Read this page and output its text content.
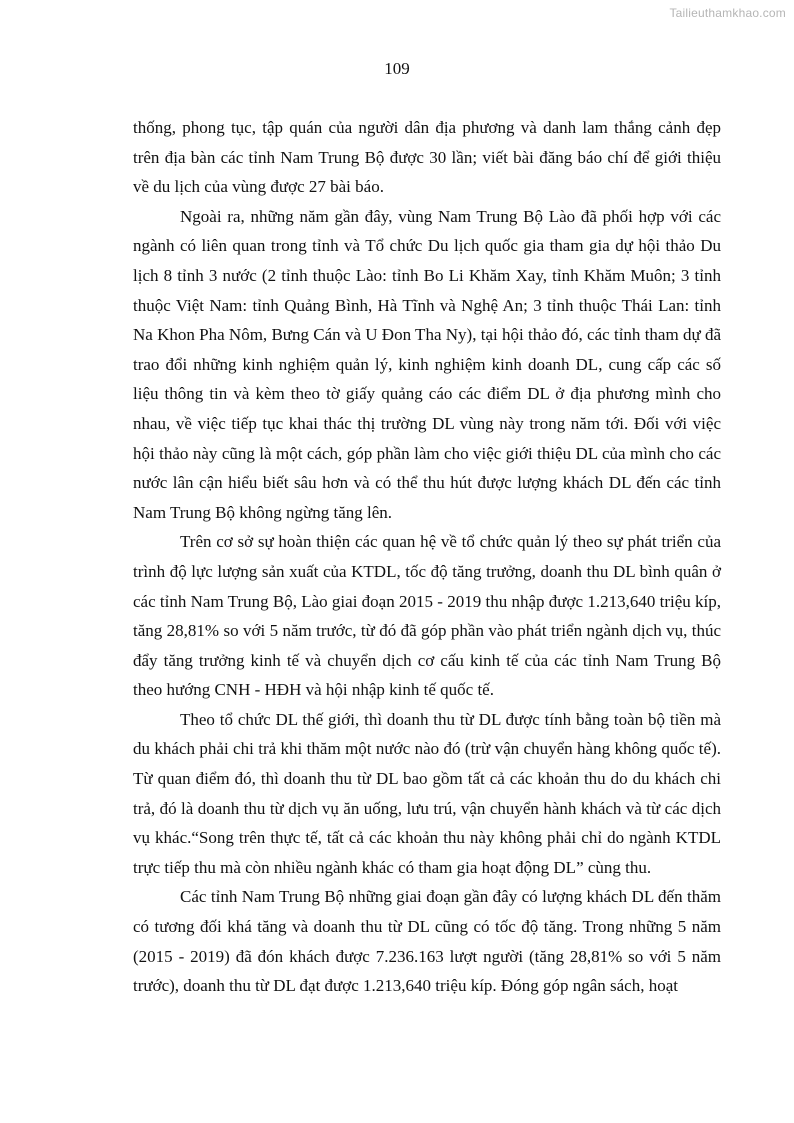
Tailieuthamkhao.com
109

thống, phong tục, tập quán của người dân địa phương và danh lam thắng cảnh đẹp trên địa bàn các tỉnh Nam Trung Bộ được 30 lần; viết bài đăng báo chí để giới thiệu về du lịch của vùng được 27 bài báo.

Ngoài ra, những năm gần đây, vùng Nam Trung Bộ Lào đã phối hợp với các ngành có liên quan trong tỉnh và Tổ chức Du lịch quốc gia tham gia dự hội thảo Du lịch 8 tỉnh 3 nước (2 tỉnh thuộc Lào: tỉnh Bo Li Khăm Xay, tỉnh Khăm Muôn; 3 tỉnh thuộc Việt Nam: tỉnh Quảng Bình, Hà Tĩnh và Nghệ An; 3 tỉnh thuộc Thái Lan: tỉnh Na Khon Pha Nôm, Bưng Cán và U Đon Tha Ny), tại hội thảo đó, các tỉnh tham dự đã trao đổi những kinh nghiệm quản lý, kinh nghiệm kinh doanh DL, cung cấp các số liệu thông tin và kèm theo tờ giấy quảng cáo các điểm DL ở địa phương mình cho nhau, về việc tiếp tục khai thác thị trường DL vùng này trong năm tới. Đối với việc hội thảo này cũng là một cách, góp phần làm cho việc giới thiệu DL của mình cho các nước lân cận hiểu biết sâu hơn và có thể thu hút được lượng khách DL đến các tỉnh Nam Trung Bộ không ngừng tăng lên.

Trên cơ sở sự hoàn thiện các quan hệ về tổ chức quản lý theo sự phát triển của trình độ lực lượng sản xuất của KTDL, tốc độ tăng trưởng, doanh thu DL bình quân ở các tỉnh Nam Trung Bộ, Lào giai đoạn 2015 - 2019 thu nhập được 1.213,640 triệu kíp, tăng 28,81% so với 5 năm trước, từ đó đã góp phần vào phát triển ngành dịch vụ, thúc đẩy tăng trưởng kinh tế và chuyển dịch cơ cấu kinh tế của các tỉnh Nam Trung Bộ theo hướng CNH - HĐH và hội nhập kinh tế quốc tế.

Theo tổ chức DL thế giới, thì doanh thu từ DL được tính bằng toàn bộ tiền mà du khách phải chi trả khi thăm một nước nào đó (trừ vận chuyển hàng không quốc tế). Từ quan điểm đó, thì doanh thu từ DL bao gồm tất cả các khoản thu do du khách chi trả, đó là doanh thu từ dịch vụ ăn uống, lưu trú, vận chuyển hành khách và từ các dịch vụ khác.“Song trên thực tế, tất cả các khoản thu này không phải chỉ do ngành KTDL trực tiếp thu mà còn nhiều ngành khác có tham gia hoạt động DL” cùng thu.

Các tỉnh Nam Trung Bộ những giai đoạn gần đây có lượng khách DL đến thăm có tương đối khá tăng và doanh thu từ DL cũng có tốc độ tăng. Trong những 5 năm (2015 - 2019) đã đón khách được 7.236.163 lượt người (tăng 28,81% so với 5 năm trước), doanh thu từ DL đạt được 1.213,640 triệu kíp. Đóng góp ngân sách, hoạt
